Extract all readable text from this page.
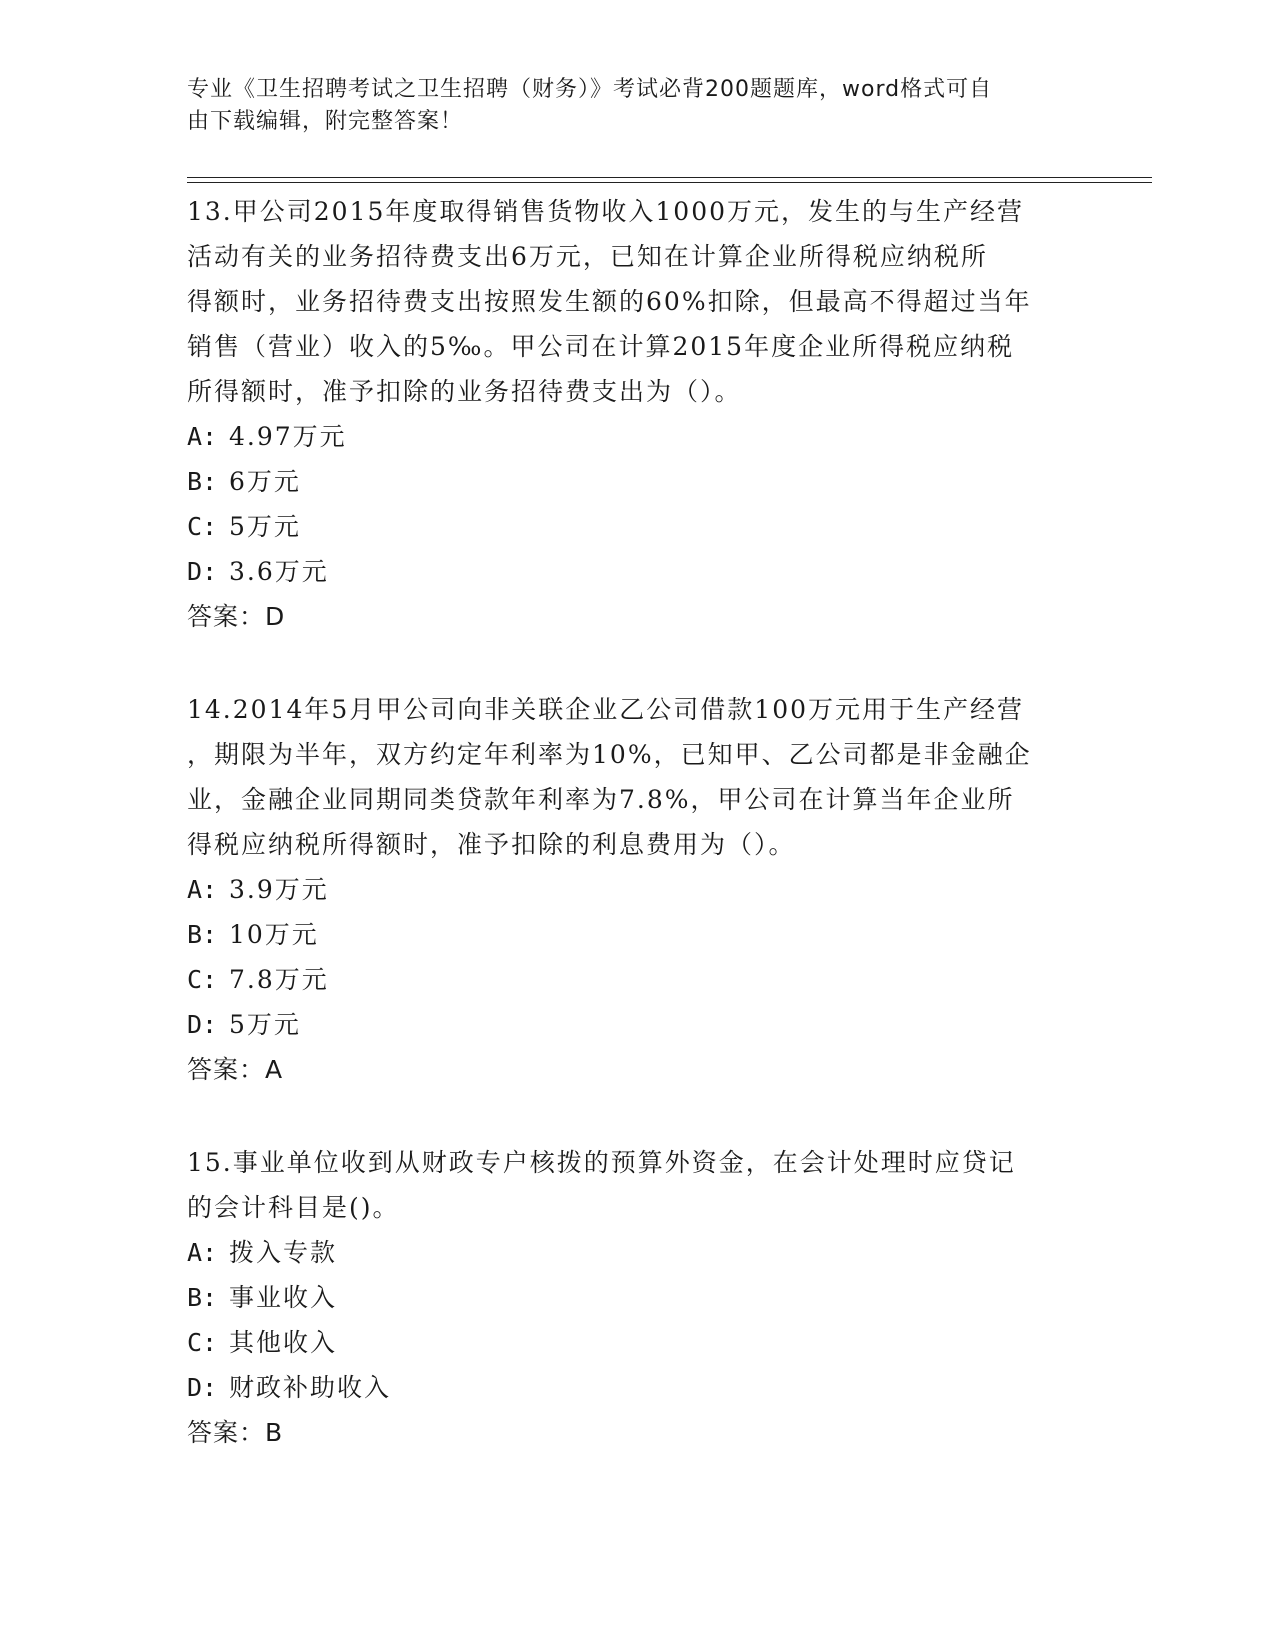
专业《卫生招聘考试之卫生招聘（财务）》考试必背200题题库，word格式可自
由下载编辑，附完整答案！
13.甲公司2015年度取得销售货物收入1000万元，发生的与生产经营
活动有关的业务招待费支出6万元，已知在计算企业所得税应纳税所
得额时，业务招待费支出按照发生额的60%扣除，但最高不得超过当年
销售（营业）收入的5‰。甲公司在计算2015年度企业所得税应纳税
所得额时，准予扣除的业务招待费支出为（）。
A: 4.97万元
B: 6万元
C: 5万元
D: 3.6万元
答案：D
14.2014年5月甲公司向非关联企业乙公司借款100万元用于生产经营
，期限为半年，双方约定年利率为10%，已知甲、乙公司都是非金融企
业，金融企业同期同类贷款年利率为7.8%，甲公司在计算当年企业所
得税应纳税所得额时，准予扣除的利息费用为（）。
A: 3.9万元
B: 10万元
C: 7.8万元
D: 5万元
答案：A
15.事业单位收到从财政专户核拨的预算外资金，在会计处理时应贷记
的会计科目是()。
A: 拨入专款
B: 事业收入
C: 其他收入
D: 财政补助收入
答案：B
